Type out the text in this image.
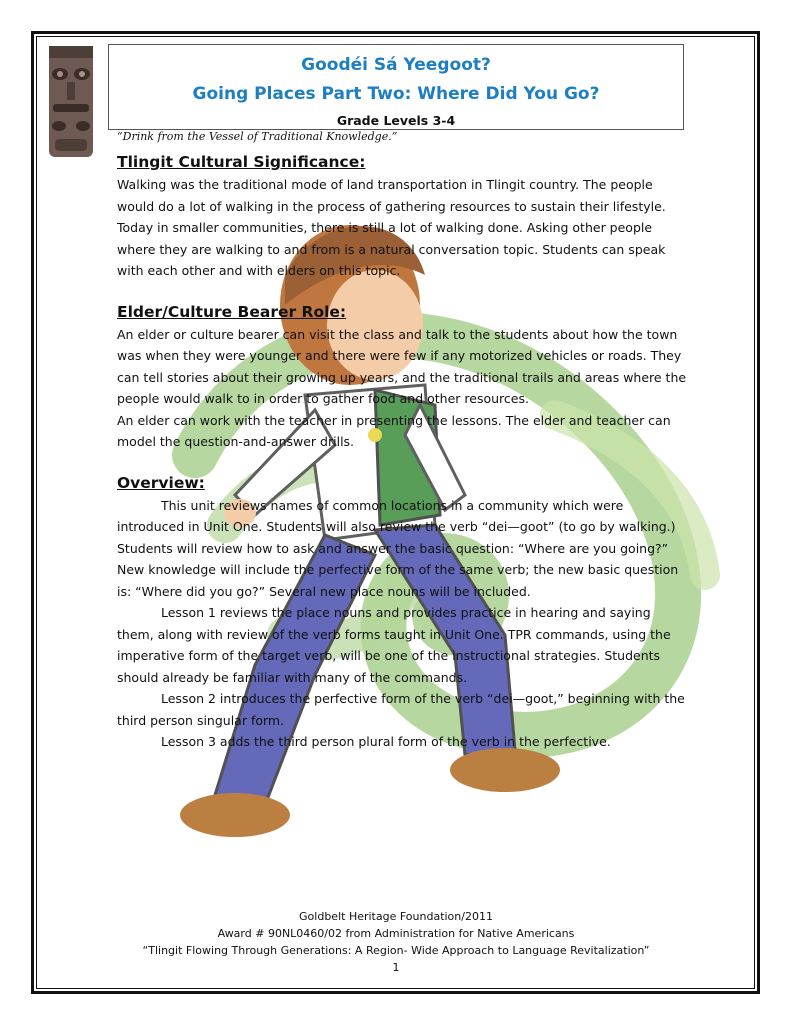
Goodéi Sá Yeegoot?
Going Places Part Two: Where Did You Go?
Grade Levels 3-4
“Drink from the Vessel of Traditional Knowledge.”
Tlingit Cultural Significance:

Walking was the traditional mode of land transportation in Tlingit country. The people would do a lot of walking in the process of gathering resources to sustain their lifestyle. Today in smaller communities, there is still a lot of walking done. Asking other people where they are walking to and from is a natural conversation topic. Students can speak with each other and with elders on this topic.

Elder/Culture Bearer Role:

An elder or culture bearer can visit the class and talk to the students about how the town was when they were younger and there were few if any motorized vehicles or roads. They can tell stories about their growing up years, and the traditional trails and areas where the people would walk to in order to gather food and other resources.

An elder can work with the teacher in presenting the lessons. The elder and teacher can model the question-and-answer drills.

Overview:

This unit reviews names of common locations in a community which were introduced in Unit One. Students will also review the verb “dei—goot” (to go by walking.) Students will review how to ask and answer the basic question: “Where are you going?” New knowledge will include the perfective form of the same verb; the new basic question is: “Where did you go?” Several new place nouns will be included.

Lesson 1 reviews the place nouns and provides practice in hearing and saying them, along with review of the verb forms taught in Unit One. TPR commands, using the imperative form of the target verb, will be one of the instructional strategies. Students should already be familiar with many of the commands.

Lesson 2 introduces the perfective form of the verb “dei—goot,” beginning with the third person singular form.

Lesson 3 adds the third person plural form of the verb in the perfective.

Goldbelt Heritage Foundation/2011
Award # 90NL0460/02 from Administration for Native Americans
“Tlingit Flowing Through Generations: A Region- Wide Approach to Language Revitalization”
1
